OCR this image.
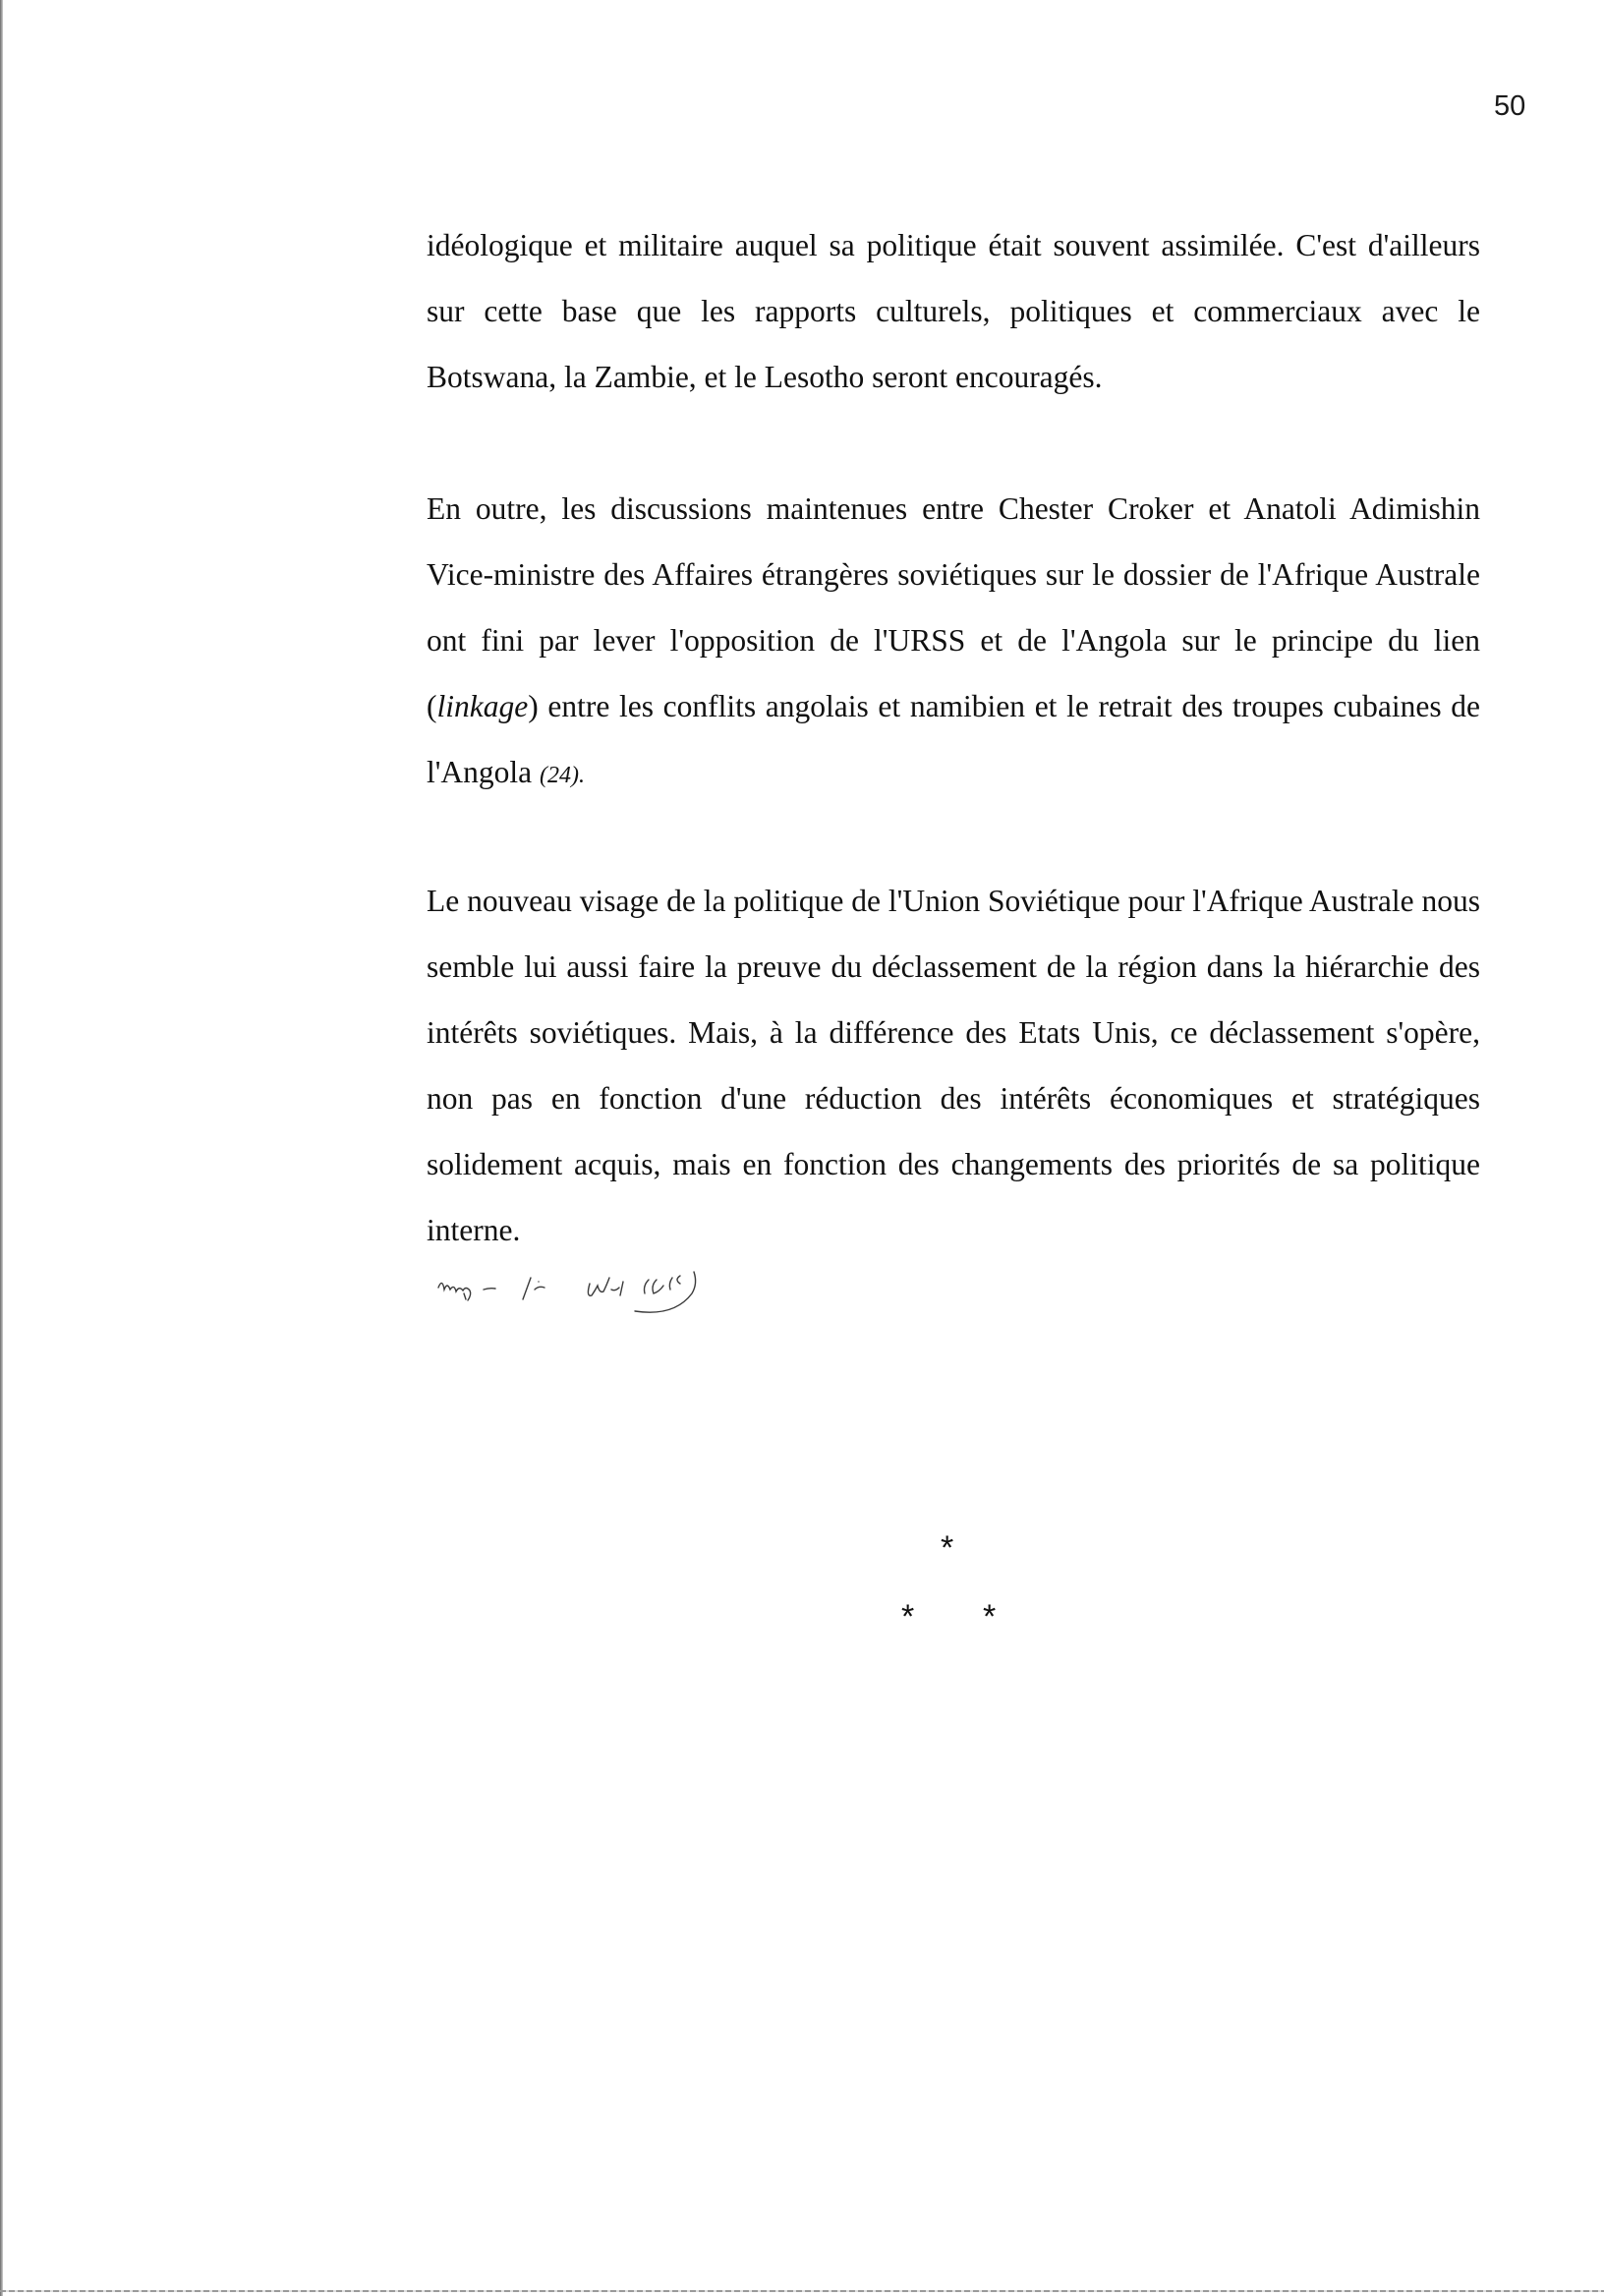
50

idéologique et militaire auquel sa politique était souvent assimilée. C'est d'ailleurs sur cette base que les rapports culturels, politiques et commerciaux avec le Botswana, la Zambie, et le Lesotho seront encouragés.

En outre, les discussions maintenues entre Chester Croker et Anatoli Adimishin Vice-ministre des Affaires étrangères soviétiques sur le dossier de l'Afrique Australe ont fini par lever l'opposition de l'URSS et de l'Angola sur le principe du lien (linkage) entre les conflits angolais et namibien et le retrait des troupes cubaines de l'Angola (24).

Le nouveau visage de la politique de l'Union Soviétique pour l'Afrique Australe nous semble lui aussi faire la preuve du déclassement de la région dans la hiérarchie des intérêts soviétiques. Mais, à la différence des Etats Unis, ce déclassement s'opère, non pas en fonction d'une réduction des intérêts économiques et stratégiques solidement acquis, mais en fonction des changements des priorités de sa politique interne.

*
* *
